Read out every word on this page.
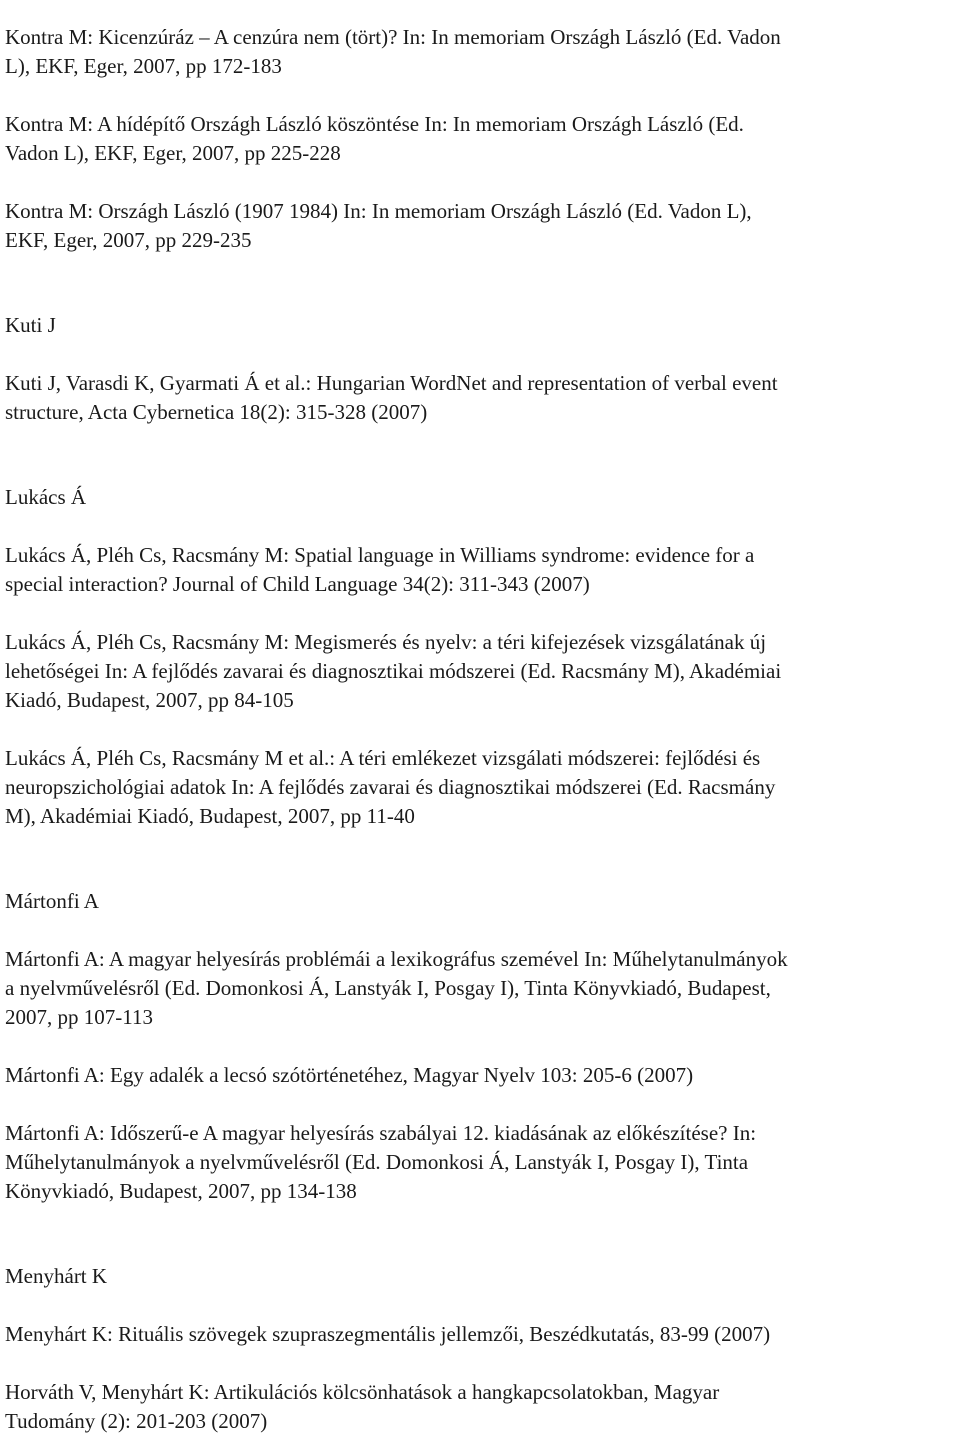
Kontra M: Kicenzúráz – A cenzúra nem (tört)? In: In memoriam Országh László (Ed. Vadon
L), EKF, Eger, 2007, pp 172-183
Kontra M: A hídépítő Országh László köszöntése In: In memoriam Országh László (Ed.
Vadon L), EKF, Eger, 2007, pp 225-228
Kontra M: Országh László (1907 1984) In: In memoriam Országh László (Ed. Vadon L),
EKF, Eger, 2007, pp 229-235
Kuti J
Kuti J, Varasdi K, Gyarmati Á et al.: Hungarian WordNet and representation of verbal event
structure, Acta Cybernetica 18(2): 315-328 (2007)
Lukács Á
Lukács Á, Pléh Cs, Racsmány M: Spatial language in Williams syndrome: evidence for a
special interaction? Journal of Child Language 34(2): 311-343 (2007)
Lukács Á, Pléh Cs, Racsmány M: Megismerés és nyelv: a téri kifejezések vizsgálatának új
lehetőségei In: A fejlődés zavarai és diagnosztikai módszerei (Ed. Racsmány M), Akadémiai
Kiadó, Budapest, 2007, pp 84-105
Lukács Á, Pléh Cs, Racsmány M et al.: A téri emlékezet vizsgálati módszerei: fejlődési és
neuropszichológiai adatok In: A fejlődés zavarai és diagnosztikai módszerei (Ed. Racsmány
M), Akadémiai Kiadó, Budapest, 2007, pp 11-40
Mártonfi A
Mártonfi A: A magyar helyesírás problémái a lexikográfus szemével In: Műhelytanulmányok
a nyelvművelésről (Ed. Domonkosi Á, Lanstyák I, Posgay I), Tinta Könyvkiadó, Budapest,
2007, pp 107-113
Mártonfi A: Egy adalék a lecsó szótörténetéhez, Magyar Nyelv 103: 205-6 (2007)
Mártonfi A: Időszerű-e A magyar helyesírás szabályai 12. kiadásának az előkészítése? In:
Műhelytanulmányok a nyelvművelésről (Ed. Domonkosi Á, Lanstyák I, Posgay I), Tinta
Könyvkiadó, Budapest, 2007, pp 134-138
Menyhárt K
Menyhárt K: Rituális szövegek szupraszegmentális jellemzői, Beszédkutatás, 83-99 (2007)
Horváth V, Menyhárt K: Artikulációs kölcsönhatások a hangkapcsolatokban, Magyar
Tudomány (2): 201-203 (2007)
